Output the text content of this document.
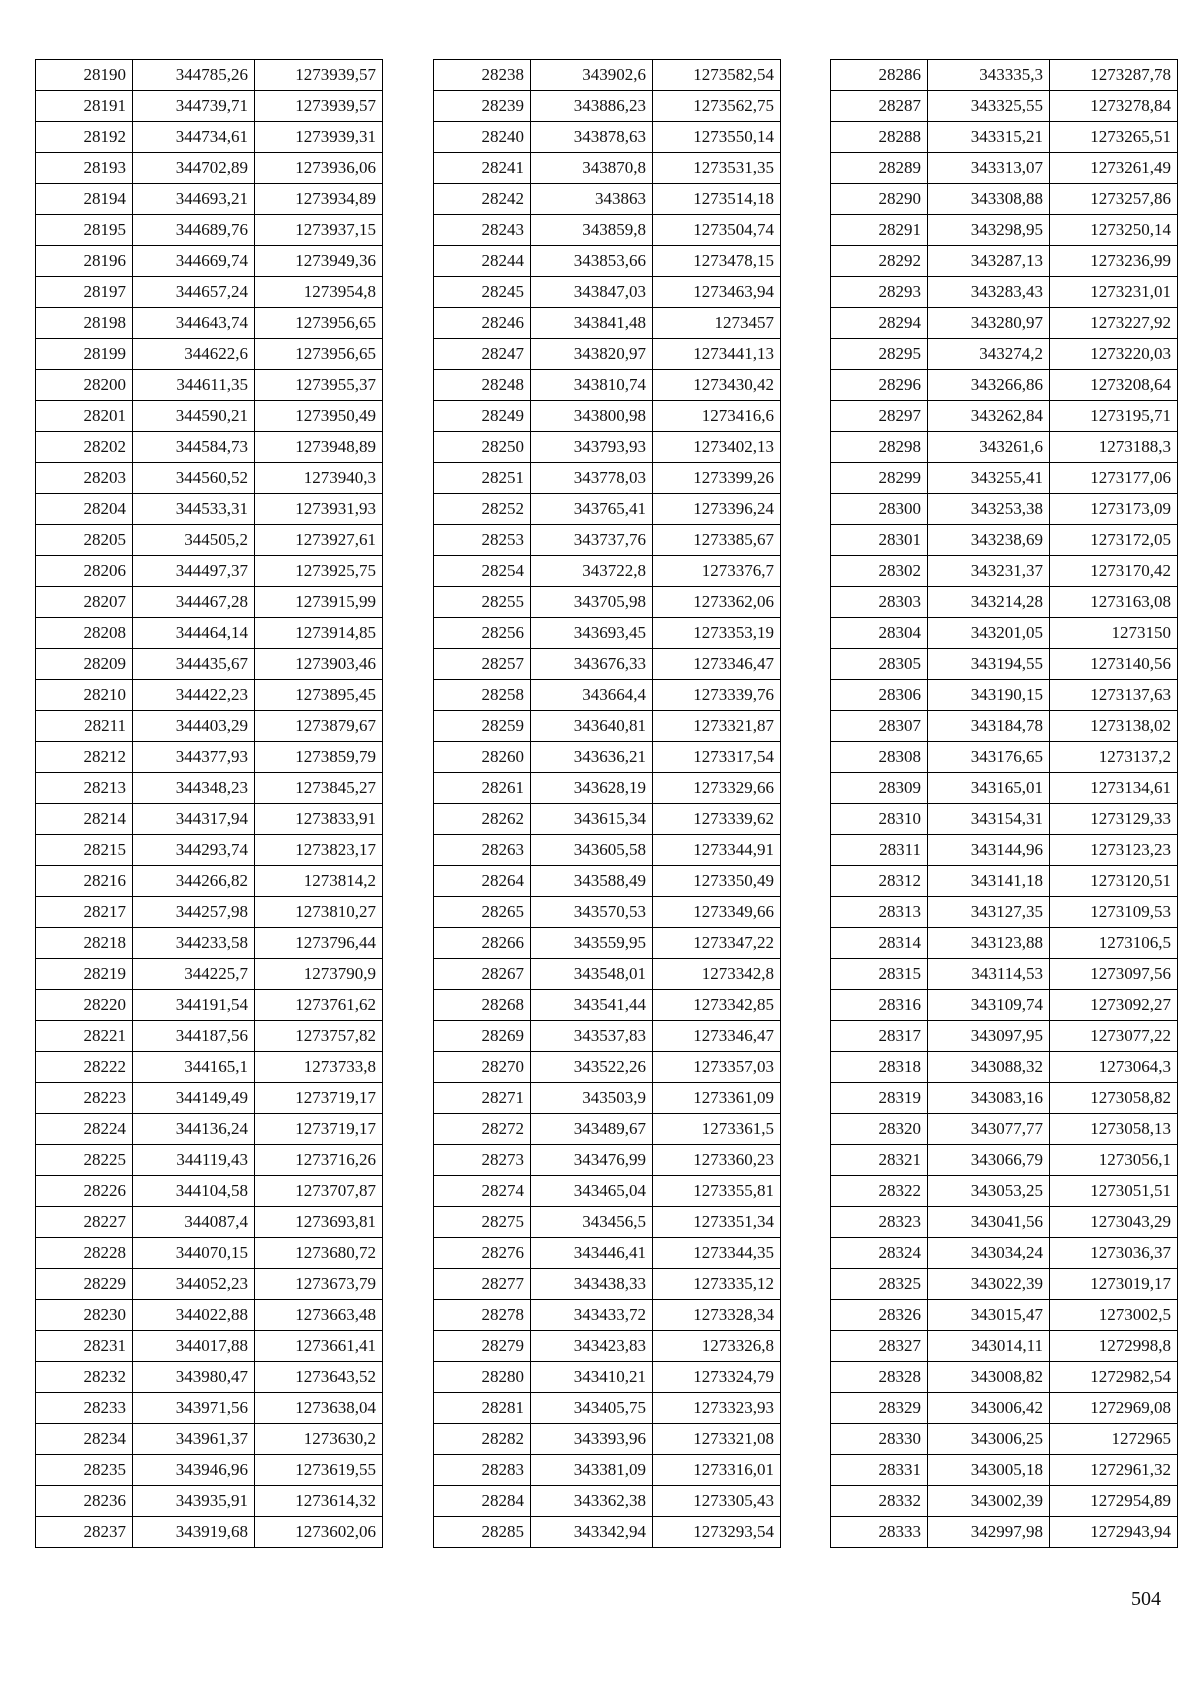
28190	344785,26	1273939,57
28191	344739,71	1273939,57
28192	344734,61	1273939,31
28193	344702,89	1273936,06
28194	344693,21	1273934,89
28195	344689,76	1273937,15
28196	344669,74	1273949,36
28197	344657,24	1273954,8
28198	344643,74	1273956,65
28199	344622,6	1273956,65
28200	344611,35	1273955,37
28201	344590,21	1273950,49
28202	344584,73	1273948,89
28203	344560,52	1273940,3
28204	344533,31	1273931,93
28205	344505,2	1273927,61
28206	344497,37	1273925,75
28207	344467,28	1273915,99
28208	344464,14	1273914,85
28209	344435,67	1273903,46
28210	344422,23	1273895,45
28211	344403,29	1273879,67
28212	344377,93	1273859,79
28213	344348,23	1273845,27
28214	344317,94	1273833,91
28215	344293,74	1273823,17
28216	344266,82	1273814,2
28217	344257,98	1273810,27
28218	344233,58	1273796,44
28219	344225,7	1273790,9
28220	344191,54	1273761,62
28221	344187,56	1273757,82
28222	344165,1	1273733,8
28223	344149,49	1273719,17
28224	344136,24	1273719,17
28225	344119,43	1273716,26
28226	344104,58	1273707,87
28227	344087,4	1273693,81
28228	344070,15	1273680,72
28229	344052,23	1273673,79
28230	344022,88	1273663,48
28231	344017,88	1273661,41
28232	343980,47	1273643,52
28233	343971,56	1273638,04
28234	343961,37	1273630,2
28235	343946,96	1273619,55
28236	343935,91	1273614,32
28237	343919,68	1273602,06
28238	343902,6	1273582,54
28239	343886,23	1273562,75
28240	343878,63	1273550,14
28241	343870,8	1273531,35
28242	343863	1273514,18
28243	343859,8	1273504,74
28244	343853,66	1273478,15
28245	343847,03	1273463,94
28246	343841,48	1273457
28247	343820,97	1273441,13
28248	343810,74	1273430,42
28249	343800,98	1273416,6
28250	343793,93	1273402,13
28251	343778,03	1273399,26
28252	343765,41	1273396,24
28253	343737,76	1273385,67
28254	343722,8	1273376,7
28255	343705,98	1273362,06
28256	343693,45	1273353,19
28257	343676,33	1273346,47
28258	343664,4	1273339,76
28259	343640,81	1273321,87
28260	343636,21	1273317,54
28261	343628,19	1273329,66
28262	343615,34	1273339,62
28263	343605,58	1273344,91
28264	343588,49	1273350,49
28265	343570,53	1273349,66
28266	343559,95	1273347,22
28267	343548,01	1273342,8
28268	343541,44	1273342,85
28269	343537,83	1273346,47
28270	343522,26	1273357,03
28271	343503,9	1273361,09
28272	343489,67	1273361,5
28273	343476,99	1273360,23
28274	343465,04	1273355,81
28275	343456,5	1273351,34
28276	343446,41	1273344,35
28277	343438,33	1273335,12
28278	343433,72	1273328,34
28279	343423,83	1273326,8
28280	343410,21	1273324,79
28281	343405,75	1273323,93
28282	343393,96	1273321,08
28283	343381,09	1273316,01
28284	343362,38	1273305,43
28285	343342,94	1273293,54
28286	343335,3	1273287,78
28287	343325,55	1273278,84
28288	343315,21	1273265,51
28289	343313,07	1273261,49
28290	343308,88	1273257,86
28291	343298,95	1273250,14
28292	343287,13	1273236,99
28293	343283,43	1273231,01
28294	343280,97	1273227,92
28295	343274,2	1273220,03
28296	343266,86	1273208,64
28297	343262,84	1273195,71
28298	343261,6	1273188,3
28299	343255,41	1273177,06
28300	343253,38	1273173,09
28301	343238,69	1273172,05
28302	343231,37	1273170,42
28303	343214,28	1273163,08
28304	343201,05	1273150
28305	343194,55	1273140,56
28306	343190,15	1273137,63
28307	343184,78	1273138,02
28308	343176,65	1273137,2
28309	343165,01	1273134,61
28310	343154,31	1273129,33
28311	343144,96	1273123,23
28312	343141,18	1273120,51
28313	343127,35	1273109,53
28314	343123,88	1273106,5
28315	343114,53	1273097,56
28316	343109,74	1273092,27
28317	343097,95	1273077,22
28318	343088,32	1273064,3
28319	343083,16	1273058,82
28320	343077,77	1273058,13
28321	343066,79	1273056,1
28322	343053,25	1273051,51
28323	343041,56	1273043,29
28324	343034,24	1273036,37
28325	343022,39	1273019,17
28326	343015,47	1273002,5
28327	343014,11	1272998,8
28328	343008,82	1272982,54
28329	343006,42	1272969,08
28330	343006,25	1272965
28331	343005,18	1272961,32
28332	343002,39	1272954,89
28333	342997,98	1272943,94
504
